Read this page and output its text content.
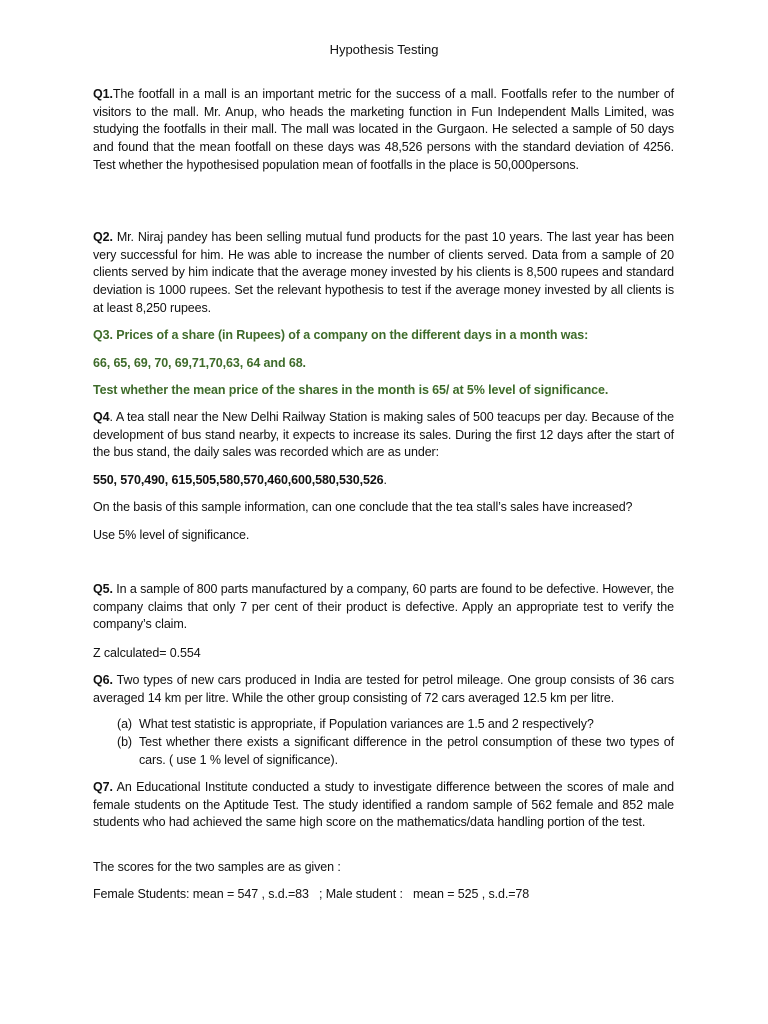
Hypothesis Testing
Q1.The footfall in a mall is an important metric for the success of a mall. Footfalls refer to the number of visitors to the mall. Mr. Anup, who heads the marketing function in Fun Independent Malls Limited, was studying the footfalls in their mall. The mall was located in the Gurgaon. He selected a sample of 50 days and found that the mean footfall on these days was 48,526 persons with the standard deviation of 4256. Test whether the hypothesised population mean of footfalls in the place is 50,000persons.
Q2. Mr. Niraj pandey has been selling mutual fund products for the past 10 years. The last year has been very successful for him. He was able to increase the number of clients served. Data from a sample of 20 clients served by him indicate that the average money invested by his clients is 8,500 rupees and standard deviation is 1000 rupees. Set the relevant hypothesis to test if the average money invested by all clients is at least 8,250 rupees.
Q3. Prices of a share (in Rupees) of a company on the different days in a month was:
66, 65, 69, 70, 69,71,70,63, 64 and 68.
Test whether the mean price of the shares in the month is 65/ at 5% level of significance.
Q4. A tea stall near the New Delhi Railway Station is making sales of 500 teacups per day. Because of the development of bus stand nearby, it expects to increase its sales. During the first 12 days after the start of the bus stand, the daily sales was recorded which are as under:
550, 570,490, 615,505,580,570,460,600,580,530,526.
On the basis of this sample information, can one conclude that the tea stall’s sales have increased?
Use 5% level of significance.
Q5. In a sample of 800 parts manufactured by a company, 60 parts are found to be defective. However, the company claims that only 7 per cent of their product is defective. Apply an appropriate test to verify the company’s claim.
Z calculated= 0.554
Q6. Two types of new cars produced in India are tested for petrol mileage. One group consists of 36 cars averaged 14 km per litre. While the other group consisting of 72 cars averaged 12.5 km per litre.
(a) What test statistic is appropriate, if Population variances are 1.5 and 2 respectively?
(b) Test whether there exists a significant difference in the petrol consumption of these two types of cars. ( use 1 % level of significance).
Q7. An Educational Institute conducted a study to investigate difference between the scores of male and female students on the Aptitude Test. The study identified a random sample of 562 female and 852 male students who had achieved the same high score on the mathematics/data handling portion of the test.
The scores for the two samples are as given :
Female Students: mean = 547 , s.d.=83   ; Male student :   mean = 525 , s.d.=78
